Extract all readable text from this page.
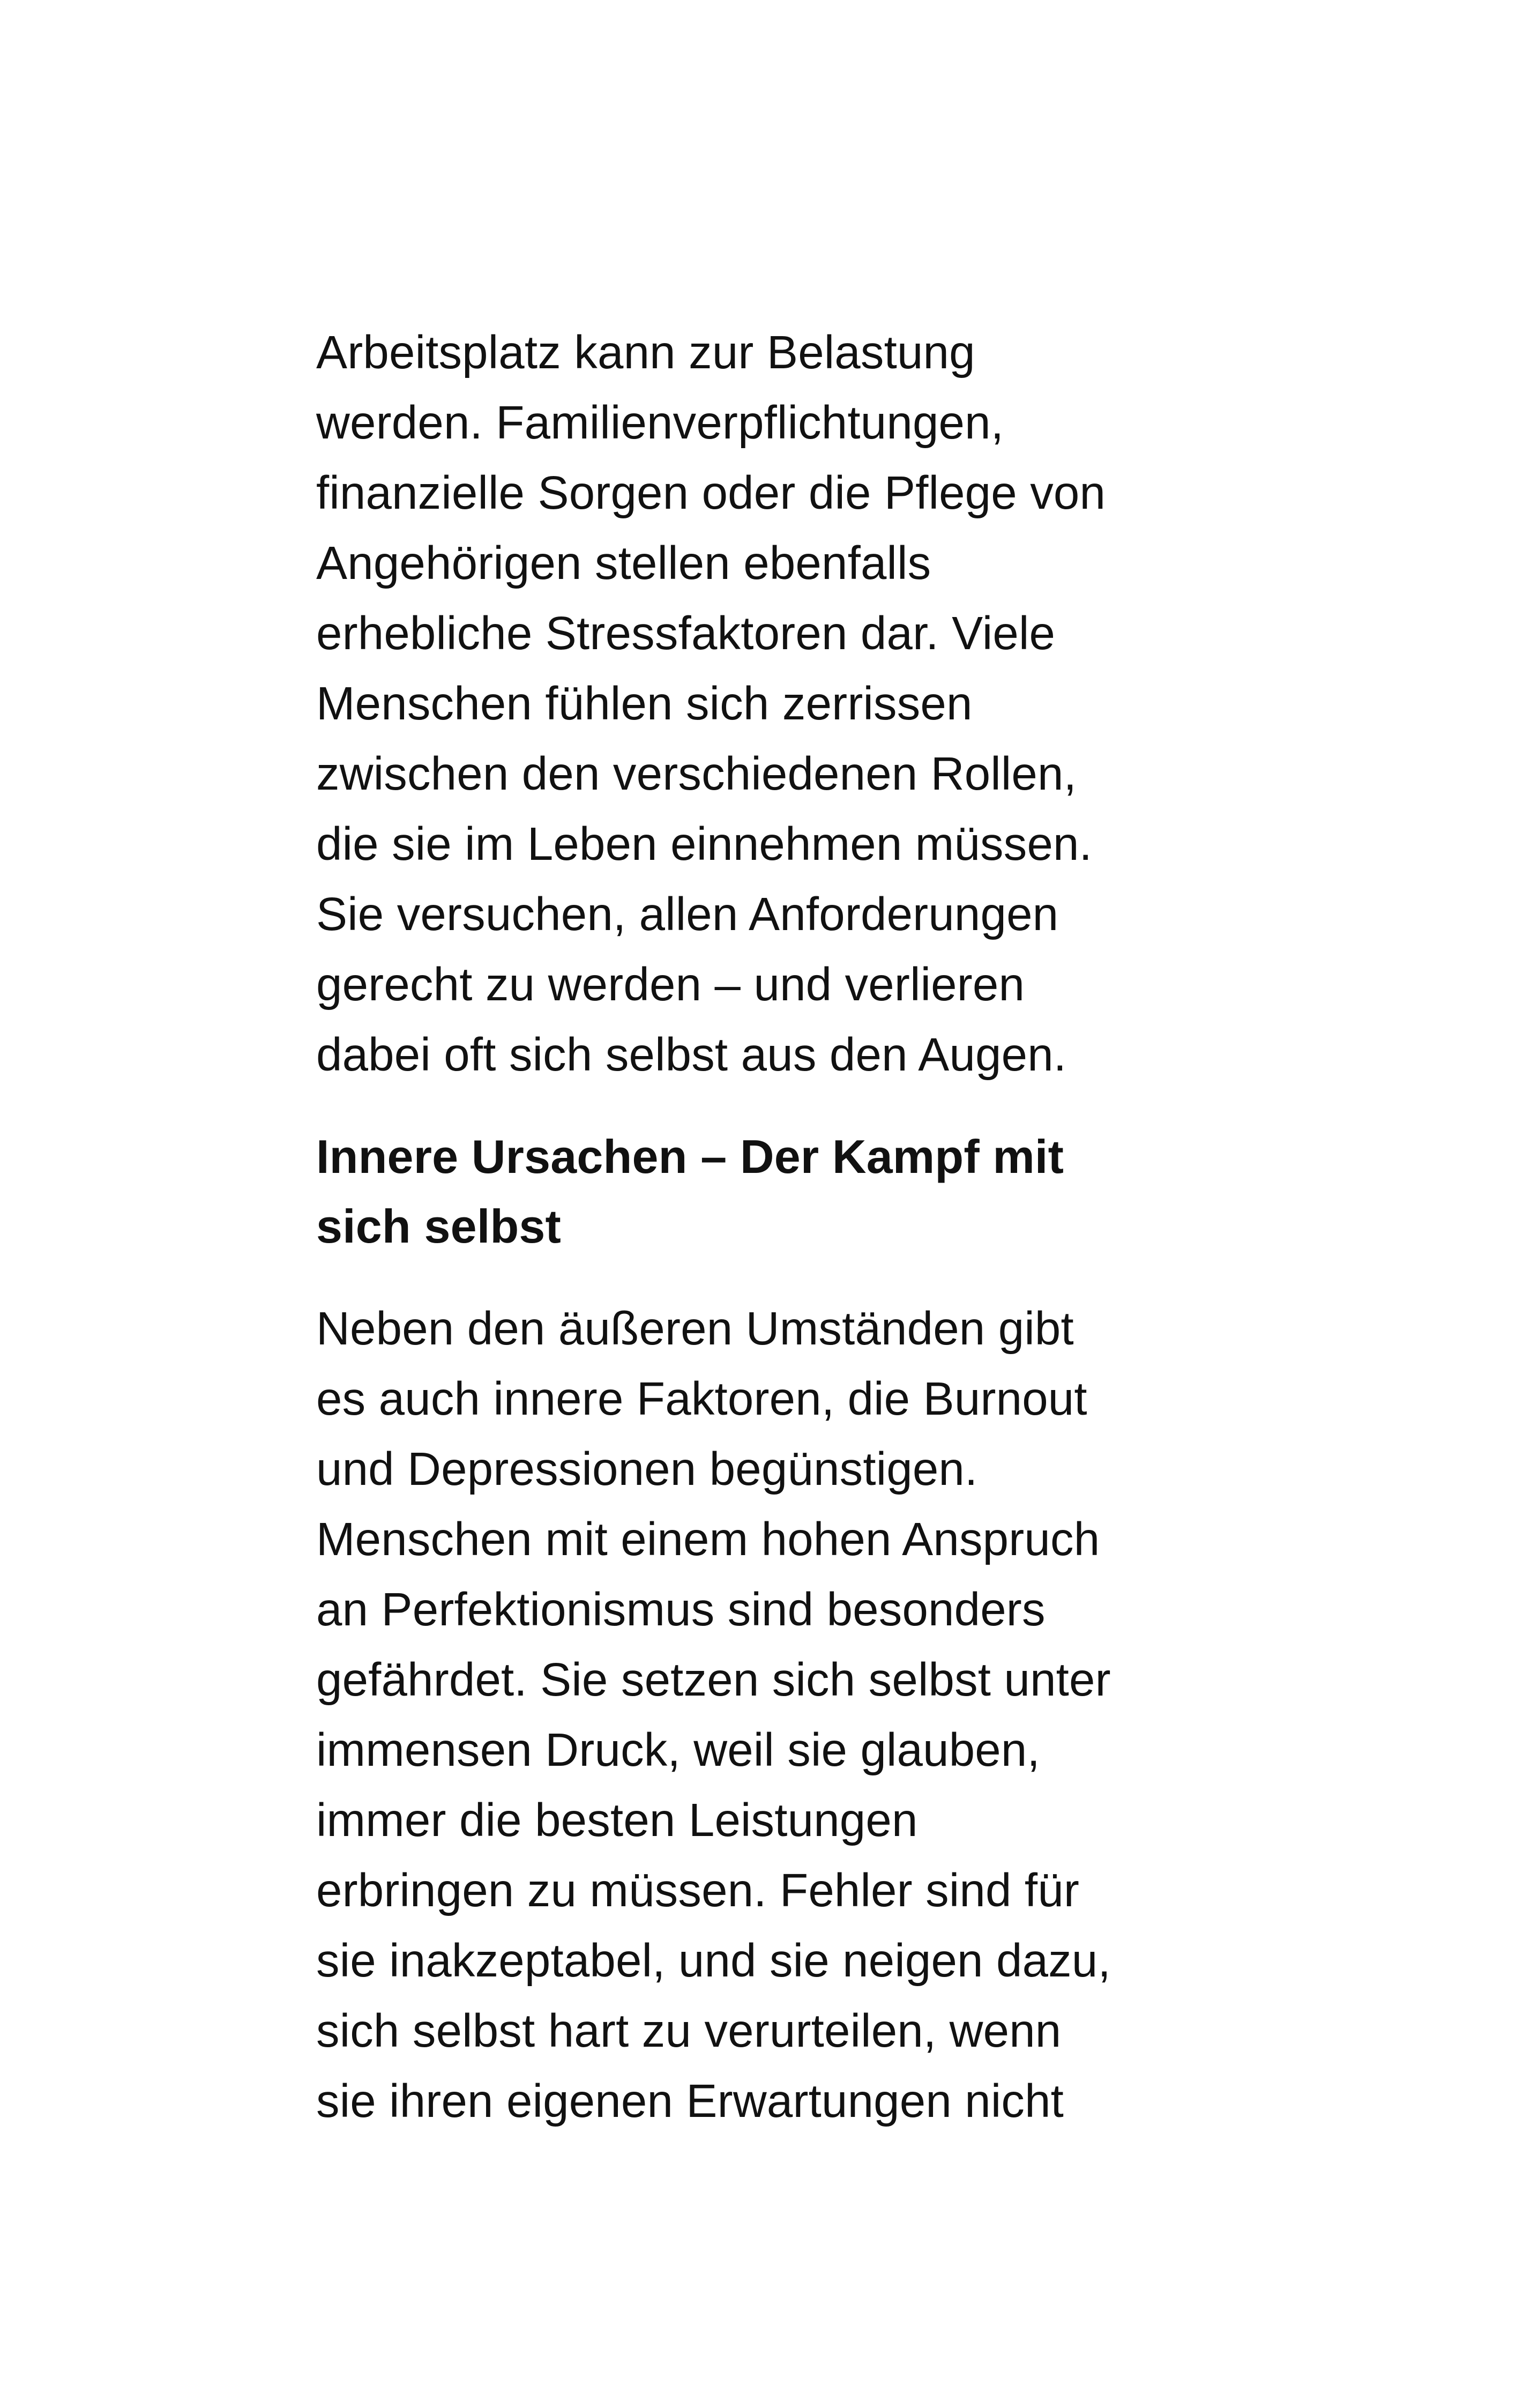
Arbeitsplatz kann zur Belastung
werden. Familienverpflichtungen,
finanzielle Sorgen oder die Pflege von
Angehörigen stellen ebenfalls
erhebliche Stressfaktoren dar. Viele
Menschen fühlen sich zerrissen
zwischen den verschiedenen Rollen,
die sie im Leben einnehmen müssen.
Sie versuchen, allen Anforderungen
gerecht zu werden – und verlieren
dabei oft sich selbst aus den Augen.

Innere Ursachen – Der Kampf mit
sich selbst

Neben den äußeren Umständen gibt
es auch innere Faktoren, die Burnout
und Depressionen begünstigen.
Menschen mit einem hohen Anspruch
an Perfektionismus sind besonders
gefährdet. Sie setzen sich selbst unter
immensen Druck, weil sie glauben,
immer die besten Leistungen
erbringen zu müssen. Fehler sind für
sie inakzeptabel, und sie neigen dazu,
sich selbst hart zu verurteilen, wenn
sie ihren eigenen Erwartungen nicht
